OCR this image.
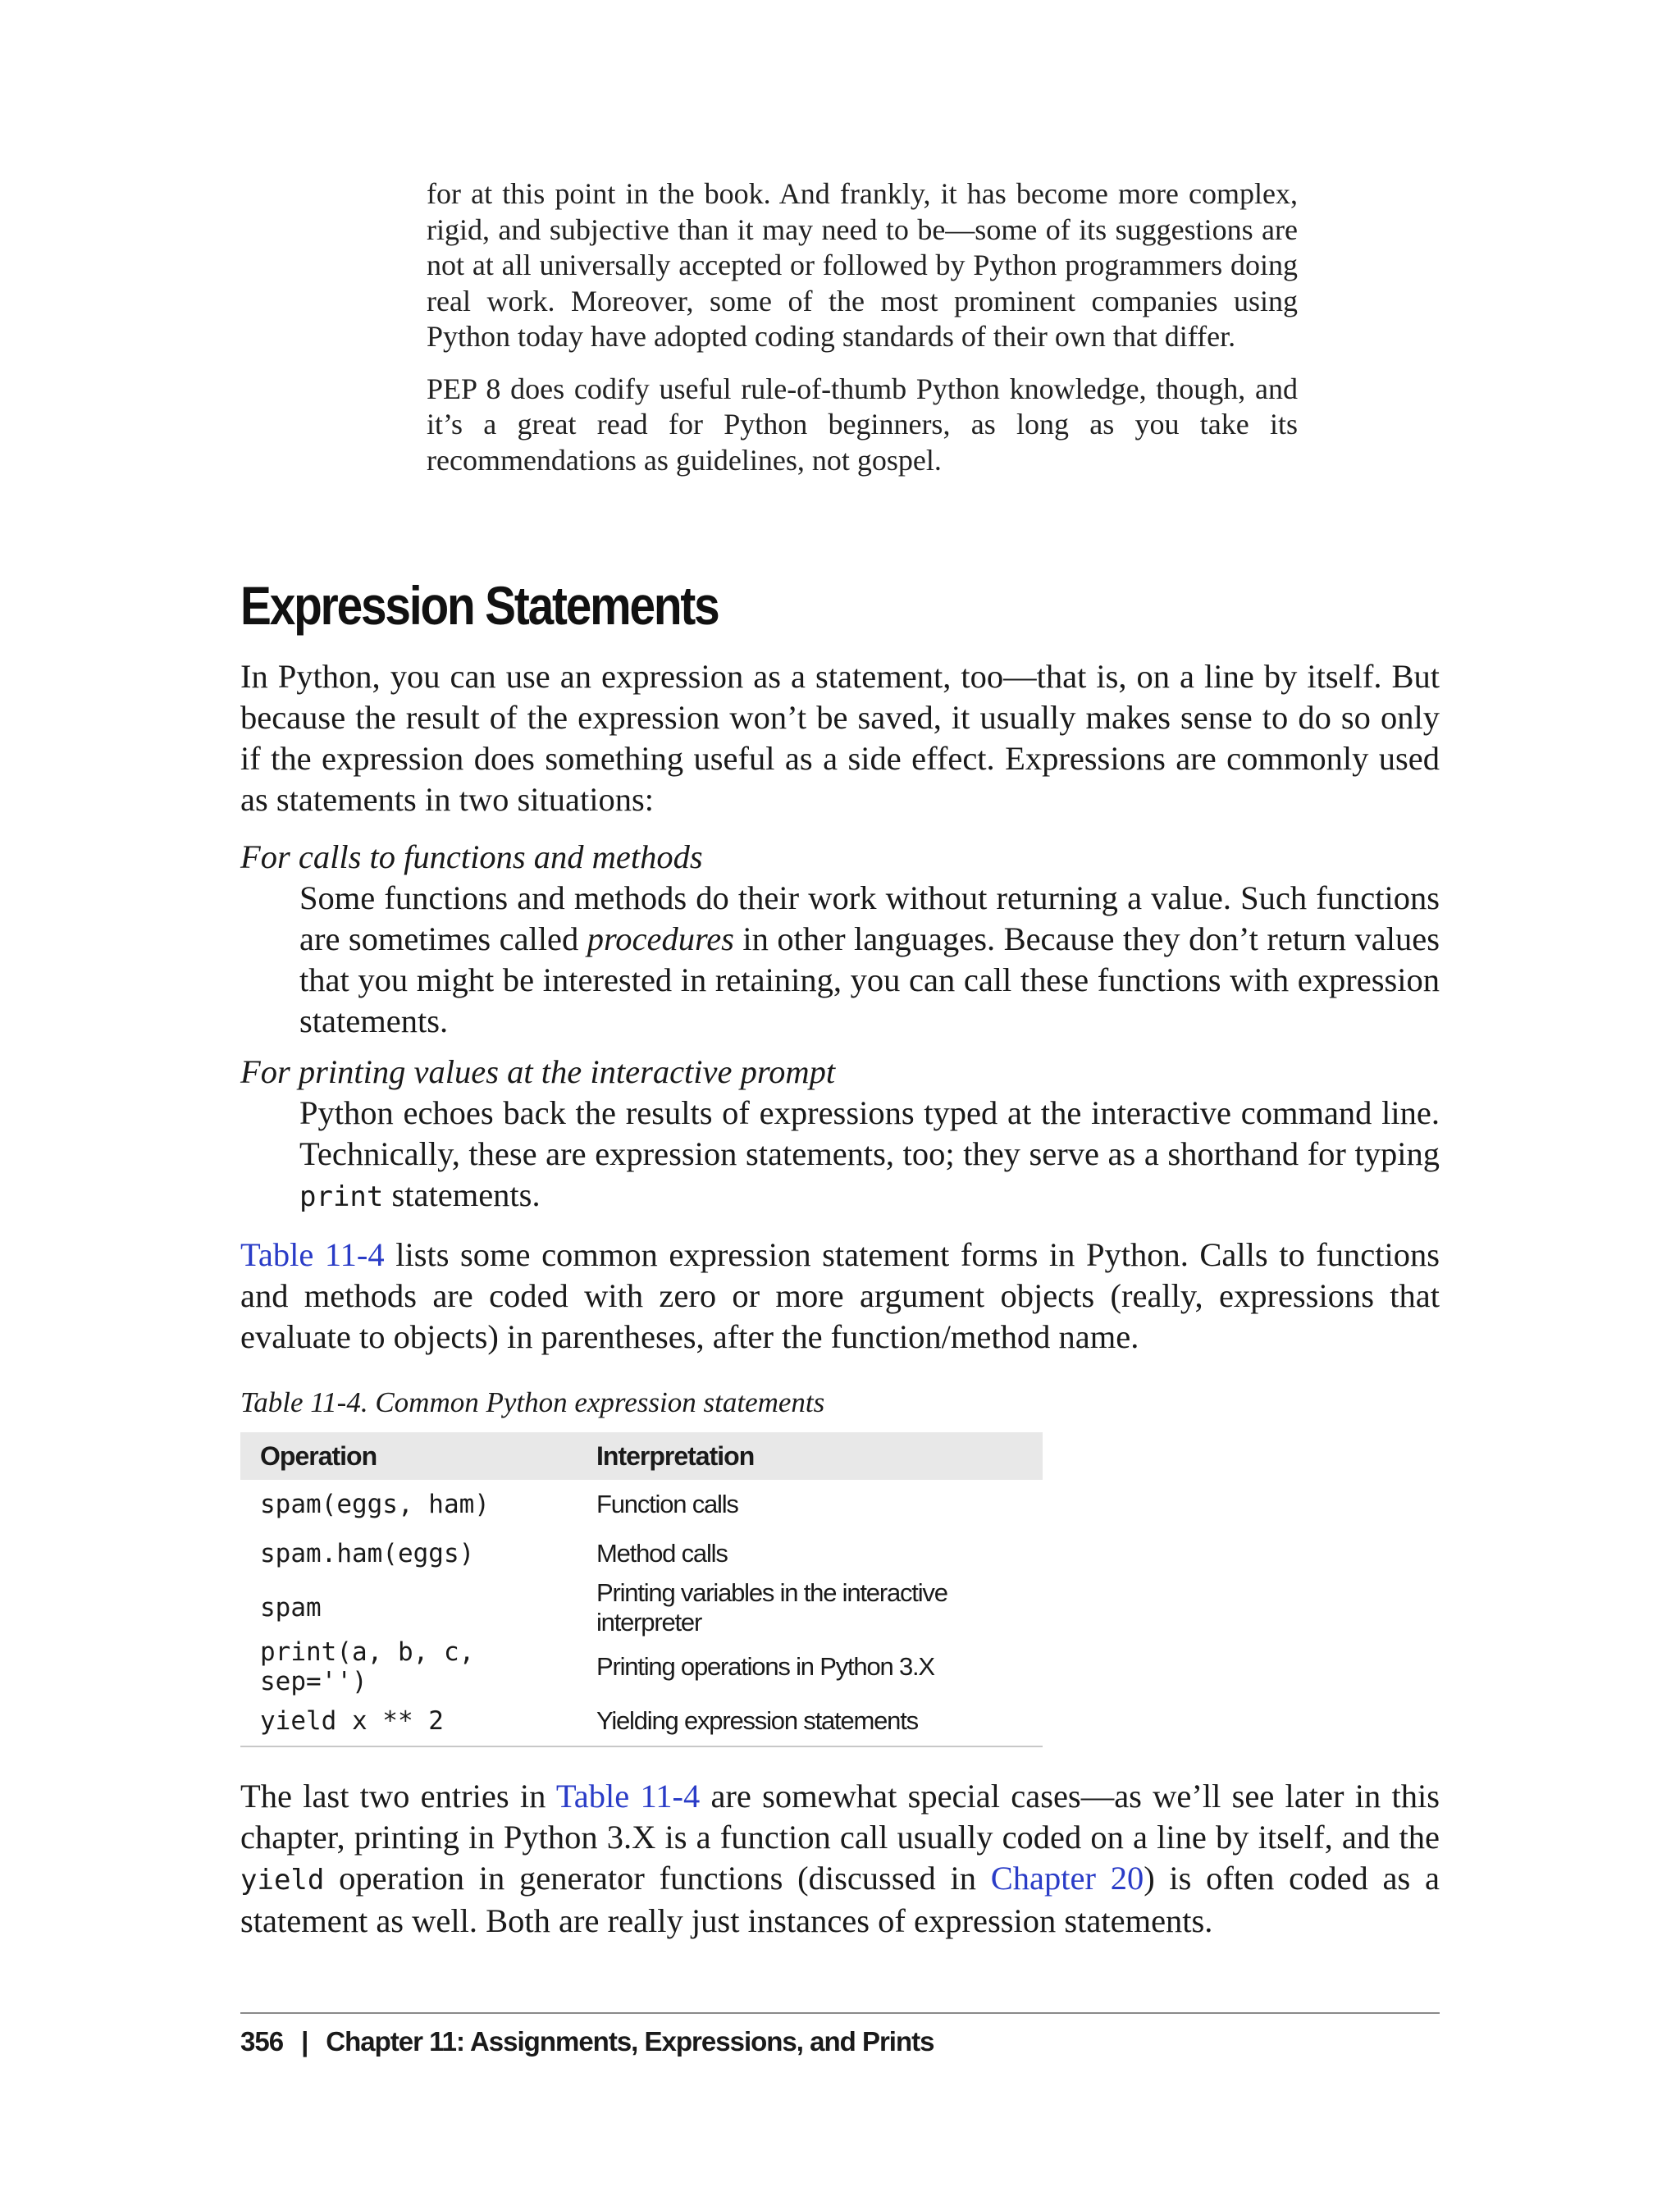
for at this point in the book. And frankly, it has become more complex, rigid, and subjective than it may need to be—some of its suggestions are not at all universally accepted or followed by Python programmers doing real work. Moreover, some of the most prominent companies using Python today have adopted coding standards of their own that differ.

PEP 8 does codify useful rule-of-thumb Python knowledge, though, and it’s a great read for Python beginners, as long as you take its recommendations as guidelines, not gospel.

Expression Statements

In Python, you can use an expression as a statement, too—that is, on a line by itself. But because the result of the expression won’t be saved, it usually makes sense to do so only if the expression does something useful as a side effect. Expressions are commonly used as statements in two situations:

For calls to functions and methods

Some functions and methods do their work without returning a value. Such functions are sometimes called procedures in other languages. Because they don’t return values that you might be interested in retaining, you can call these functions with expression statements.

For printing values at the interactive prompt

Python echoes back the results of expressions typed at the interactive command line. Technically, these are expression statements, too; they serve as a shorthand for typing print statements.

Table 11-4 lists some common expression statement forms in Python. Calls to functions and methods are coded with zero or more argument objects (really, expressions that evaluate to objects) in parentheses, after the function/method name.

Table 11-4. Common Python expression statements

Operation	Interpretation
spam(eggs, ham)	Function calls
spam.ham(eggs)	Method calls
spam	Printing variables in the interactive interpreter
print(a, b, c, sep='')	Printing operations in Python 3.X
yield x ** 2	Yielding expression statements

The last two entries in Table 11-4 are somewhat special cases—as we’ll see later in this chapter, printing in Python 3.X is a function call usually coded on a line by itself, and the yield operation in generator functions (discussed in Chapter 20) is often coded as a statement as well. Both are really just instances of expression statements.

356 | Chapter 11: Assignments, Expressions, and Prints
